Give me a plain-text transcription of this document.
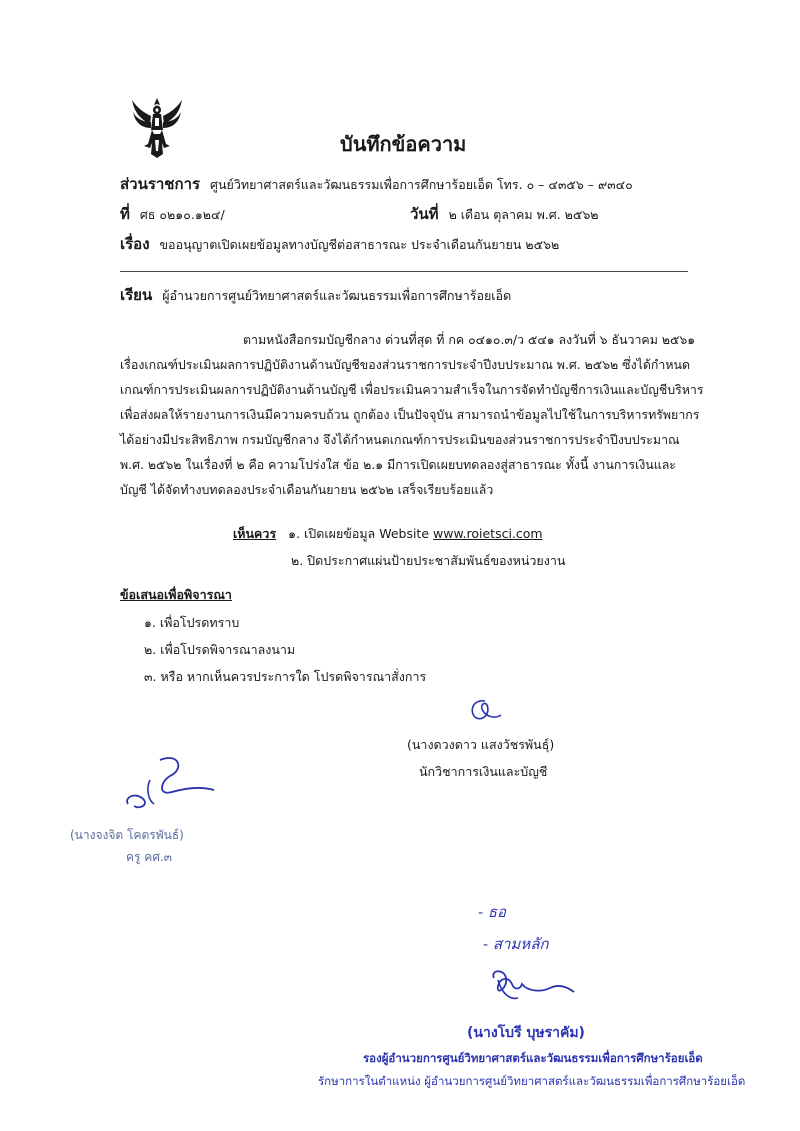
บันทึกข้อความ
ส่วนราชการ ศูนย์วิทยาศาสตร์และวัฒนธรรมเพื่อการศึกษาร้อยเอ็ด โทร. ๐ – ๔๓๕๖ – ๙๓๔๐
ที่ ศธ ๐๒๑๐.๑๒๔/	วันที่ ๒ เดือน ตุลาคม พ.ศ. ๒๕๖๒
เรื่อง ขออนุญาตเปิดเผยข้อมูลทางบัญชีต่อสาธารณะ ประจำเดือนกันยายน ๒๕๖๒
เรียน ผู้อำนวยการศูนย์วิทยาศาสตร์และวัฒนธรรมเพื่อการศึกษาร้อยเอ็ด
ตามหนังสือกรมบัญชีกลาง ด่วนที่สุด ที่ กค ๐๔๑๐.๓/ว ๕๔๑ ลงวันที่ ๖ ธันวาคม ๒๕๖๑
เรื่องเกณฑ์ประเมินผลการปฏิบัติงานด้านบัญชีของส่วนราชการประจำปีงบประมาณ พ.ศ. ๒๕๖๒ ซึ่งได้กำหนด
เกณฑ์การประเมินผลการปฏิบัติงานด้านบัญชี เพื่อประเมินความสำเร็จในการจัดทำบัญชีการเงินและบัญชีบริหาร
เพื่อส่งผลให้รายงานการเงินมีความครบถ้วน ถูกต้อง เป็นปัจจุบัน สามารถนำข้อมูลไปใช้ในการบริหารทรัพยากร
ได้อย่างมีประสิทธิภาพ กรมบัญชีกลาง จึงได้กำหนดเกณฑ์การประเมินของส่วนราชการประจำปีงบประมาณ
พ.ศ. ๒๕๖๒ ในเรื่องที่ ๒ คือ ความโปร่งใส ข้อ ๒.๑ มีการเปิดเผยบทดลองสู่สาธารณะ ทั้งนี้ งานการเงินและ
บัญชี ได้จัดทำงบทดลองประจำเดือนกันยายน ๒๕๖๒ เสร็จเรียบร้อยแล้ว
เห็นควร ๑. เปิดเผยข้อมูล Website www.roietsci.com
๒. ปิดประกาศแผ่นป้ายประชาสัมพันธ์ของหน่วยงาน
ข้อเสนอเพื่อพิจารณา
๑. เพื่อโปรดทราบ
๒. เพื่อโปรดพิจารณาลงนาม
๓. หรือ หากเห็นควรประการใด โปรดพิจารณาสั่งการ
(นางดวงดาว แสงวัชรพันธุ์)
นักวิชาการเงินและบัญชี
(นางจงจิต โคตรพันธ์)
ครู คศ.๓
- ธอ
- สามหลัก
(นางโบรี บุษราคัม)
รองผู้อำนวยการศูนย์วิทยาศาสตร์และวัฒนธรรมเพื่อการศึกษาร้อยเอ็ด
รักษาการในตำแหน่ง ผู้อำนวยการศูนย์วิทยาศาสตร์และวัฒนธรรมเพื่อการศึกษาร้อยเอ็ด
